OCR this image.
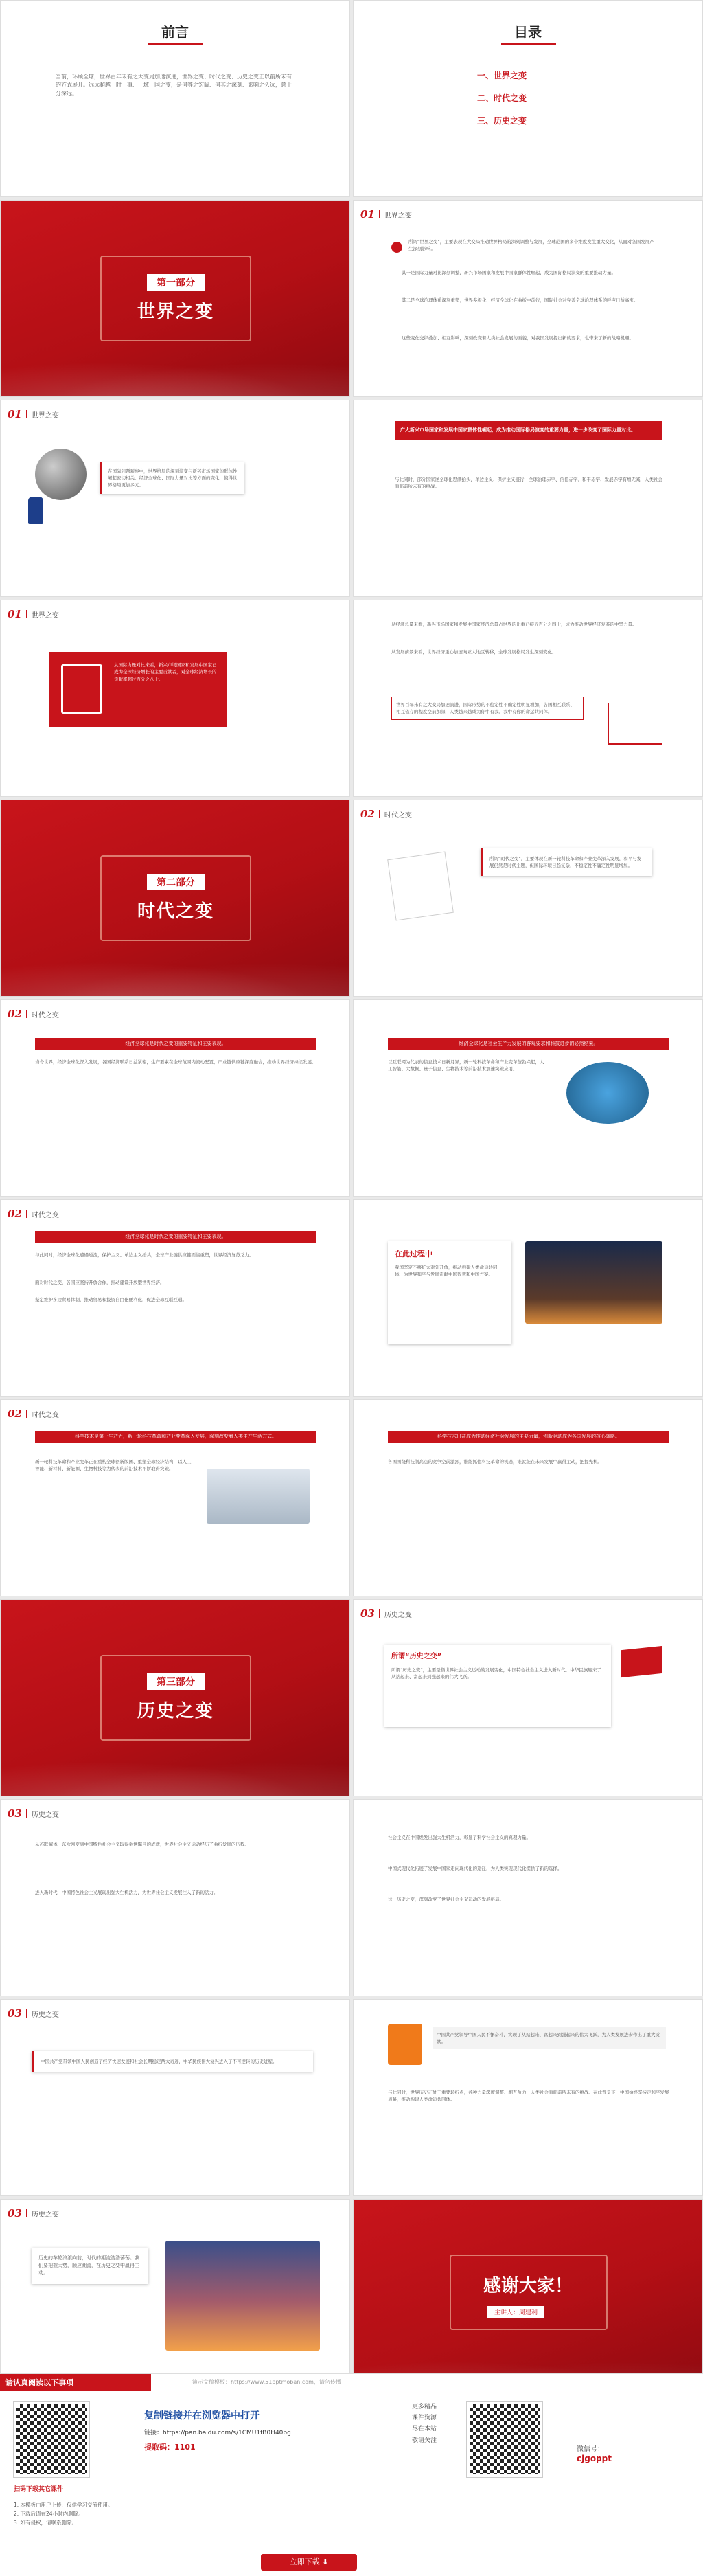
前言
当前，环顾全球，世界百年未有之大变局加速演进，世界之变、时代之变、历史之变正以前所未有的方式展开。远远超越一时一事、一域一国之变，是何等之宏阔、何其之深刻、影响之久远，意十分深远。
目录
一、世界之变
二、时代之变
三、历史之变
第一部分
世界之变
01 世界之变
所谓“世界之变”，主要表现在大变局推动世界格局的深刻调整与发展，全球范围的多个维度发生重大变化，从而对各国发展产生深刻影响。
其一是国际力量对比深刻调整，新兴市场国家和发展中国家群体性崛起，成为国际格局演变的重要推动力量。
其二是全球治理体系深刻重塑，世界多极化、经济全球化在曲折中前行，国际社会对完善全球治理体系的呼声日益高涨。
这些变化交织叠加、相互影响，深刻改变着人类社会发展的面貌，对我国发展提出新的要求，也带来了新的战略机遇。
01 世界之变
在国际问题观察中，世界格局的深刻演变与新兴市场国家的群体性崛起密切相关。经济全球化、国际力量对比等方面的变化，使得世界格局更加多元。
广大新兴市场国家和发展中国家群体性崛起，成为推动国际格局演变的重要力量，进一步改变了国际力量对比。
与此同时，部分国家逆全球化思潮抬头，单边主义、保护主义盛行，全球治理赤字、信任赤字、和平赤字、发展赤字有增无减，人类社会面临前所未有的挑战。
01 世界之变
从国际力量对比来看，新兴市场国家和发展中国家已成为全球经济增长的主要贡献者，对全球经济增长的贡献率超过百分之八十。
从经济总量来看，新兴市场国家和发展中国家经济总量占世界的比重已接近百分之四十，成为推动世界经济复苏的中坚力量。
从发展前景来看，世界经济重心加速向亚太地区转移，全球发展格局发生深刻变化。
世界百年未有之大变局加速演进，国际形势的不稳定性不确定性明显增加，各国相互联系、相互依存的程度空前加深，人类越来越成为你中有我、我中有你的命运共同体。
第二部分
时代之变
02 时代之变
所谓“时代之变”，主要体现在新一轮科技革命和产业变革深入发展，和平与发展仍然是时代主题，但国际环境日趋复杂，不稳定性不确定性明显增加。
02 时代之变
经济全球化是时代之变的重要特征和主要表现。
当今世界，经济全球化深入发展，各国经济联系日益紧密，生产要素在全球范围内流动配置，产业链供应链深度融合，推动世界经济持续发展。
经济全球化是社会生产力发展的客观要求和科技进步的必然结果。
以互联网为代表的信息技术日新月异，新一轮科技革命和产业变革蓬勃兴起，人工智能、大数据、量子信息、生物技术等前沿技术加速突破应用。
02 时代之变
经济全球化是时代之变的重要特征和主要表现。
与此同时，经济全球化遭遇逆流，保护主义、单边主义抬头，全球产业链供应链面临重塑，世界经济复苏乏力。
面对时代之变，各国应坚持开放合作，推动建设开放型世界经济。
坚定维护多边贸易体制，推动贸易和投资自由化便利化，促进全球互联互通。
在此过程中
我国坚定不移扩大对外开放，推动构建人类命运共同体，为世界和平与发展贡献中国智慧和中国方案。
02 时代之变
科学技术是第一生产力，新一轮科技革命和产业变革深入发展，深刻改变着人类生产生活方式。
新一轮科技革命和产业变革正在重构全球创新版图、重塑全球经济结构，以人工智能、新材料、新能源、生物科技等为代表的前沿技术不断取得突破。
科学技术日益成为推动经济社会发展的主要力量，创新驱动成为各国发展的核心战略。
各国围绕科技制高点的竞争空前激烈，谁能抓住科技革命的机遇，谁就能在未来发展中赢得主动，把握先机。
第三部分
历史之变
03 历史之变
所谓“历史之变”
所谓“历史之变”，主要是指世界社会主义运动的发展变化，中国特色社会主义进入新时代，中华民族迎来了从站起来、富起来到强起来的伟大飞跃。
03 历史之变
从苏联解体、东欧剧变到中国特色社会主义取得举世瞩目的成就，世界社会主义运动经历了曲折发展的历程。
进入新时代，中国特色社会主义展现出强大生机活力，为世界社会主义发展注入了新的活力。
社会主义在中国焕发出强大生机活力，彰显了科学社会主义的真理力量。
中国式现代化拓展了发展中国家走向现代化的途径，为人类实现现代化提供了新的选择。
这一历史之变，深刻改变了世界社会主义运动的发展格局。
03 历史之变
中国共产党带领中国人民创造了经济快速发展和社会长期稳定两大奇迹，中华民族伟大复兴进入了不可逆转的历史进程。
中国共产党领导中国人民不懈奋斗，实现了从站起来、富起来到强起来的伟大飞跃，为人类发展进步作出了重大贡献。
与此同时，世界历史正处于重要转折点，各种力量深度调整、相互角力，人类社会面临前所未有的挑战。在此背景下，中国始终坚持走和平发展道路，推动构建人类命运共同体。
03 历史之变
历史的车轮滚滚向前，时代的潮流浩浩荡荡。我们要把握大势，顺应潮流，在历史之变中赢得主动。
感谢大家！
主讲人：周建利
请认真阅读以下事项	演示文稿模板：https://www.51pptmoban.com，请勿传播
扫码下载其它课件
1. 本模板由用户上传，仅供学习交流使用。
2. 下载后请在24小时内删除。
3. 如有侵权，请联系删除。
复制链接并在浏览器中打开
链接：https://pan.baidu.com/s/1CMU1fB0H40bg
提取码：1101
更多精品
课件资源
尽在本站
敬请关注
微信号：
cjgoppt
立即下载 ⬇
